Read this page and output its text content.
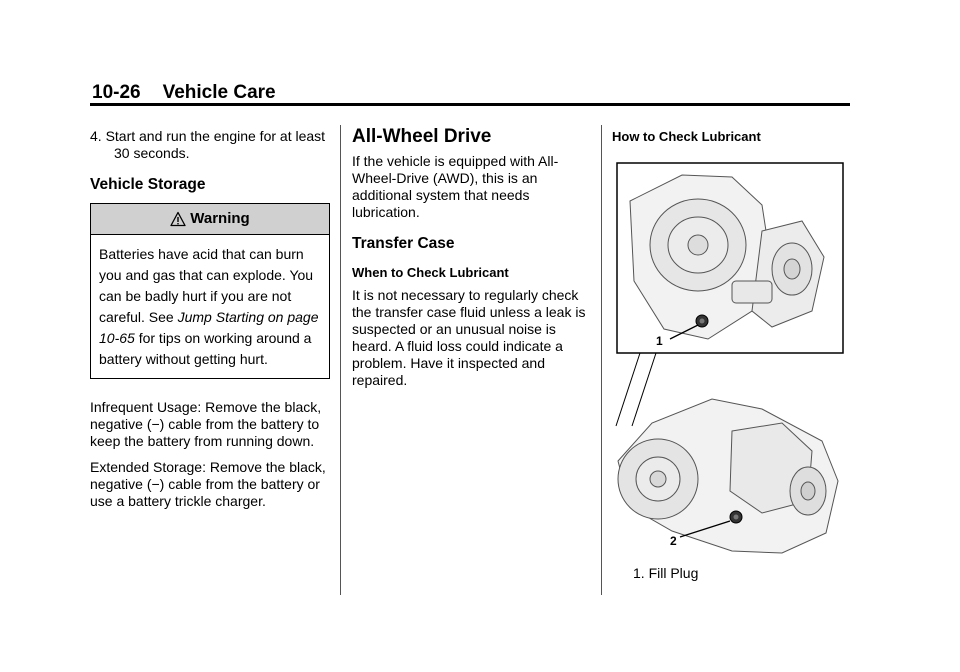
10-26 Vehicle Care

4. Start and run the engine for at least 30 seconds.

Vehicle Storage
Warning
Batteries have acid that can burn you and gas that can explode. You can be badly hurt if you are not careful. See Jump Starting on page 10-65 for tips on working around a battery without getting hurt.

Infrequent Usage: Remove the black, negative (−) cable from the battery to keep the battery from running down.

Extended Storage: Remove the black, negative (−) cable from the battery or use a battery trickle charger.

All-Wheel Drive

If the vehicle is equipped with All-Wheel-Drive (AWD), this is an additional system that needs lubrication.

Transfer Case
When to Check Lubricant

It is not necessary to regularly check the transfer case fluid unless a leak is suspected or an unusual noise is heard. A fluid loss could indicate a problem. Have it inspected and repaired.

How to Check Lubricant
1
2

1. Fill Plug
